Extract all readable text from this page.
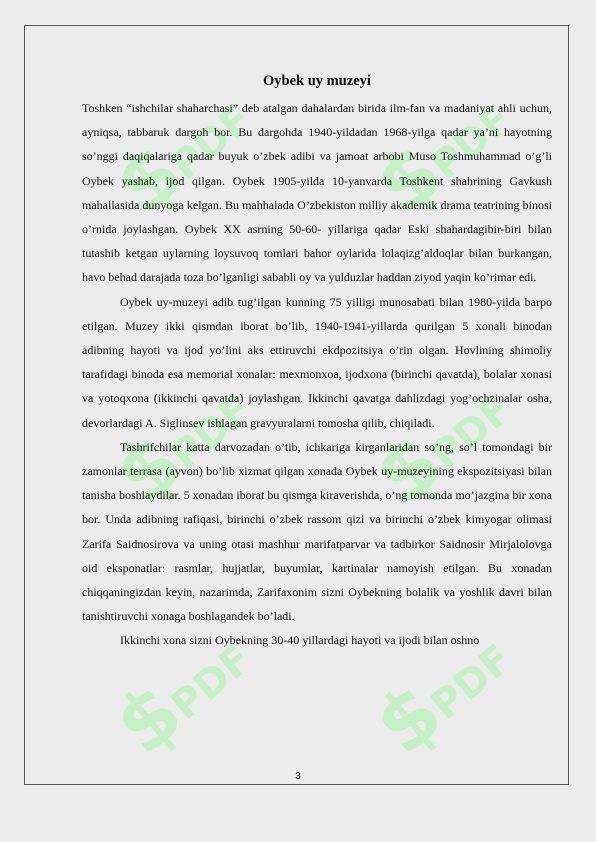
$
PDF $
PDF
$
PDF $
PDF
$
PDF $
PDF
Oybek uy muzeyi

Toshken “ishchilar shaharchasi” deb atalgan dahalardan birida ilm-fan va madaniyat ahli uchun, ayniqsa, tabbaruk dargoh bor. Bu dargohda 1940-yildadan 1968-yilga qadar ya’ni hayotning so’nggi daqiqalariga qadar buyuk o’zbek adibi va jamoat arbobi Muso Toshmuhammad o’g’li Oybek yashab, ijod qilgan. Oybek 1905-yilda 10-yanvarda Toshkent shahrining Gavkush mahallasida dunyoga kelgan. Bu mahhalada O’zbekiston milliy akademik drama teatrining binosi o’rnida joylashgan. Oybek XX asrning 50-60- yillariga qadar Eski shahardagibir-biri bilan tutashib ketgan uylarning loysuvoq tomlari bahor oylarida lolaqizg’aldoqlar bilan burkangan, havo behad darajada toza bo’lganligi sababli oy va yulduzlar haddan ziyod yaqin ko’rimar edi.

Oybek uy-muzeyi adib tug’ilgan kunning 75 yilligi munosabati bilan 1980-yilda barpo etilgan. Muzey ikki qismdan iborat bo’lib, 1940-1941-yillarda qurilgan 5 xonali binodan adibning hayoti va ijod yo’lini aks ettiruvchi ekdpozitsiya o’rin olgan. Hovlining shimoliy tarafidagi binoda esa memorial xonalar: mexmonxoa, ijodxona (birinchi qavatda), bolalar xonasi va yotoqxona (ikkinchi qavatda) joylashgan. Ikkinchi qavatga dahlizdagi yog’ochzinalar osha, devorlardagi A. Siglinsev ishlagan gravyuralarni tomosha qilib, chiqiladi.

Tashrifchilar katta darvozadan o’tib, ichkariga kirganlaridan so’ng, so’l tomondagi bir zamonlar terrasa (ayvon) bo’lib xizmat qilgan xonada Oybek uy-muzeyining ekspozitsiyasi bilan tanisha boshlaydilar. 5 xonadan iborat bu qismga kiraverishda, o’ng tomonda mo’jazgina bir xona bor. Unda adibning rafiqasi, birinchi o’zbek rassom qizi va birinchi o’zbek kimyogar olimasi Zarifa Saidnosirova va uning otasi mashhur marifatparvar va tadbirkor Saidnosir Mirjalolovga oid eksponatlar: rasmlar, hujjatlar, buyumlar, kartinalar namoyish etilgan. Bu xonadan chiqqaningizdan keyin, nazarimda, Zarifaxonim sizni Oybekning bolalik va yoshlik davri bilan tanishtiruvchi xonaga boshlagandek bo’ladi.

Ikkinchi xona sizni Oybekning 30-40 yillardagi hayoti va ijodi bilan oshno

3
